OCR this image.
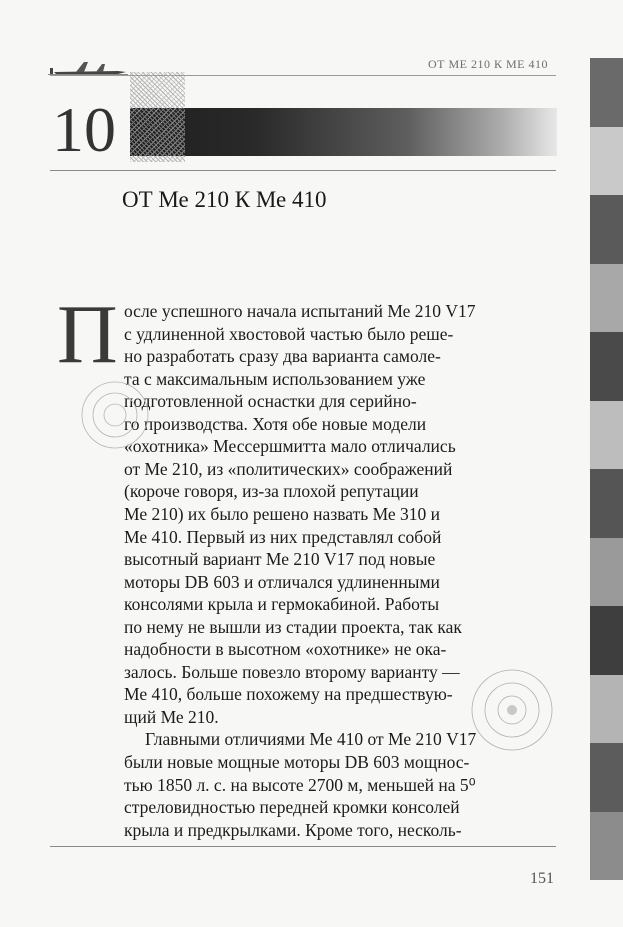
ОТ МЕ 210 К МЕ 410
10
ОТ Ме 210 К Ме 410
П осле успешного начала испытаний Ме 210 V17
с удлиненной хвостовой частью было реше-
но разработать сразу два варианта самоле-
та с максимальным использованием уже
подготовленной оснастки для серийно-
го производства. Хотя обе новые модели
«охотника» Мессершмитта мало отличались
от Ме 210, из «политических» соображений
(короче говоря, из-за плохой репутации
Ме 210) их было решено назвать Ме 310 и
Ме 410. Первый из них представлял собой
высотный вариант Ме 210 V17 под новые
моторы DB 603 и отличался удлиненными
консолями крыла и гермокабиной. Работы
по нему не вышли из стадии проекта, так как
надобности в высотном «охотнике» не ока-
залось. Больше повезло второму варианту —
Ме 410, больше похожему на предшествую-
щий Ме 210.
Главными отличиями Ме 410 от Ме 210 V17
были новые мощные моторы DB 603 мощнос-
тью 1850 л. с. на высоте 2700 м, меньшей на 5⁰
стреловидностью передней кромки консолей
крыла и предкрылками. Кроме того, несколь-
151
